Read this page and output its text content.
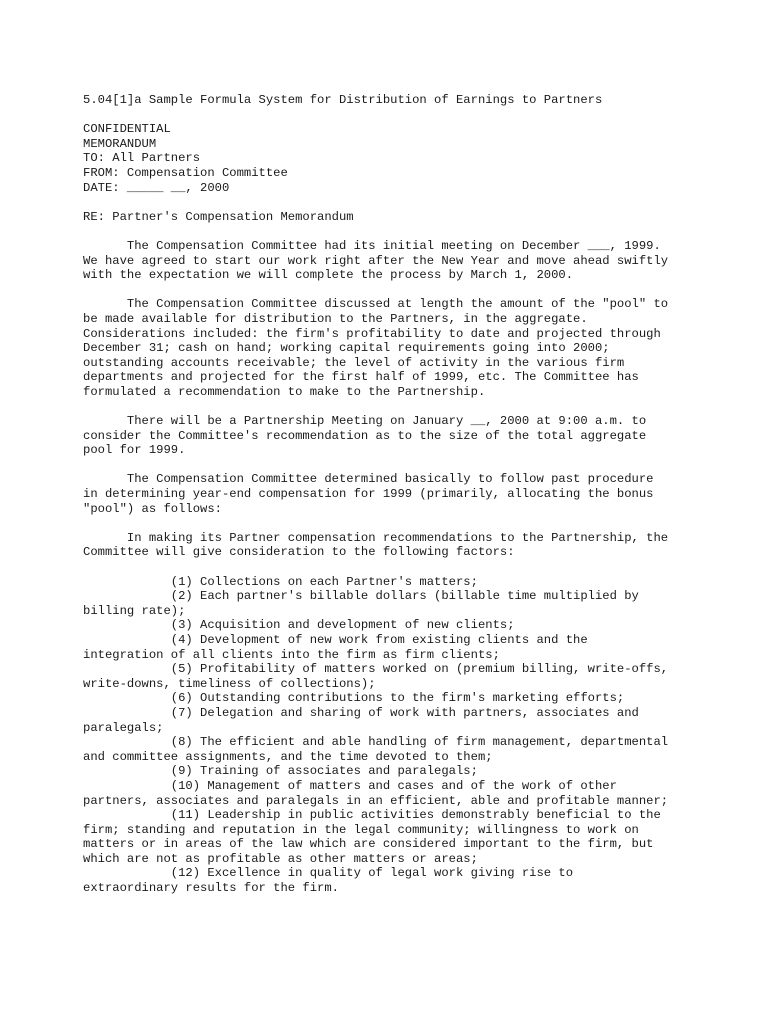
5.04[1]a Sample Formula System for Distribution of Earnings to Partners
CONFIDENTIAL
MEMORANDUM
TO: All Partners
FROM: Compensation Committee
DATE: _____ __, 2000
RE: Partner's Compensation Memorandum
The Compensation Committee had its initial meeting on December ___, 1999.
We have agreed to start our work right after the New Year and move ahead swiftly
with the expectation we will complete the process by March 1, 2000.
The Compensation Committee discussed at length the amount of the "pool" to
be made available for distribution to the Partners, in the aggregate.
Considerations included: the firm's profitability to date and projected through
December 31; cash on hand; working capital requirements going into 2000;
outstanding accounts receivable; the level of activity in the various firm
departments and projected for the first half of 1999, etc. The Committee has
formulated a recommendation to make to the Partnership.
There will be a Partnership Meeting on January __, 2000 at 9:00 a.m. to
consider the Committee's recommendation as to the size of the total aggregate
pool for 1999.
The Compensation Committee determined basically to follow past procedure
in determining year-end compensation for 1999 (primarily, allocating the bonus
"pool") as follows:
In making its Partner compensation recommendations to the Partnership, the
Committee will give consideration to the following factors:
(1) Collections on each Partner's matters;
(2) Each partner's billable dollars (billable time multiplied by
billing rate);
(3) Acquisition and development of new clients;
(4) Development of new work from existing clients and the
integration of all clients into the firm as firm clients;
(5) Profitability of matters worked on (premium billing, write-offs,
write-downs, timeliness of collections);
(6) Outstanding contributions to the firm's marketing efforts;
(7) Delegation and sharing of work with partners, associates and
paralegals;
(8) The efficient and able handling of firm management, departmental
and committee assignments, and the time devoted to them;
(9) Training of associates and paralegals;
(10) Management of matters and cases and of the work of other
partners, associates and paralegals in an efficient, able and profitable manner;
(11) Leadership in public activities demonstrably beneficial to the
firm; standing and reputation in the legal community; willingness to work on
matters or in areas of the law which are considered important to the firm, but
which are not as profitable as other matters or areas;
(12) Excellence in quality of legal work giving rise to
extraordinary results for the firm.
